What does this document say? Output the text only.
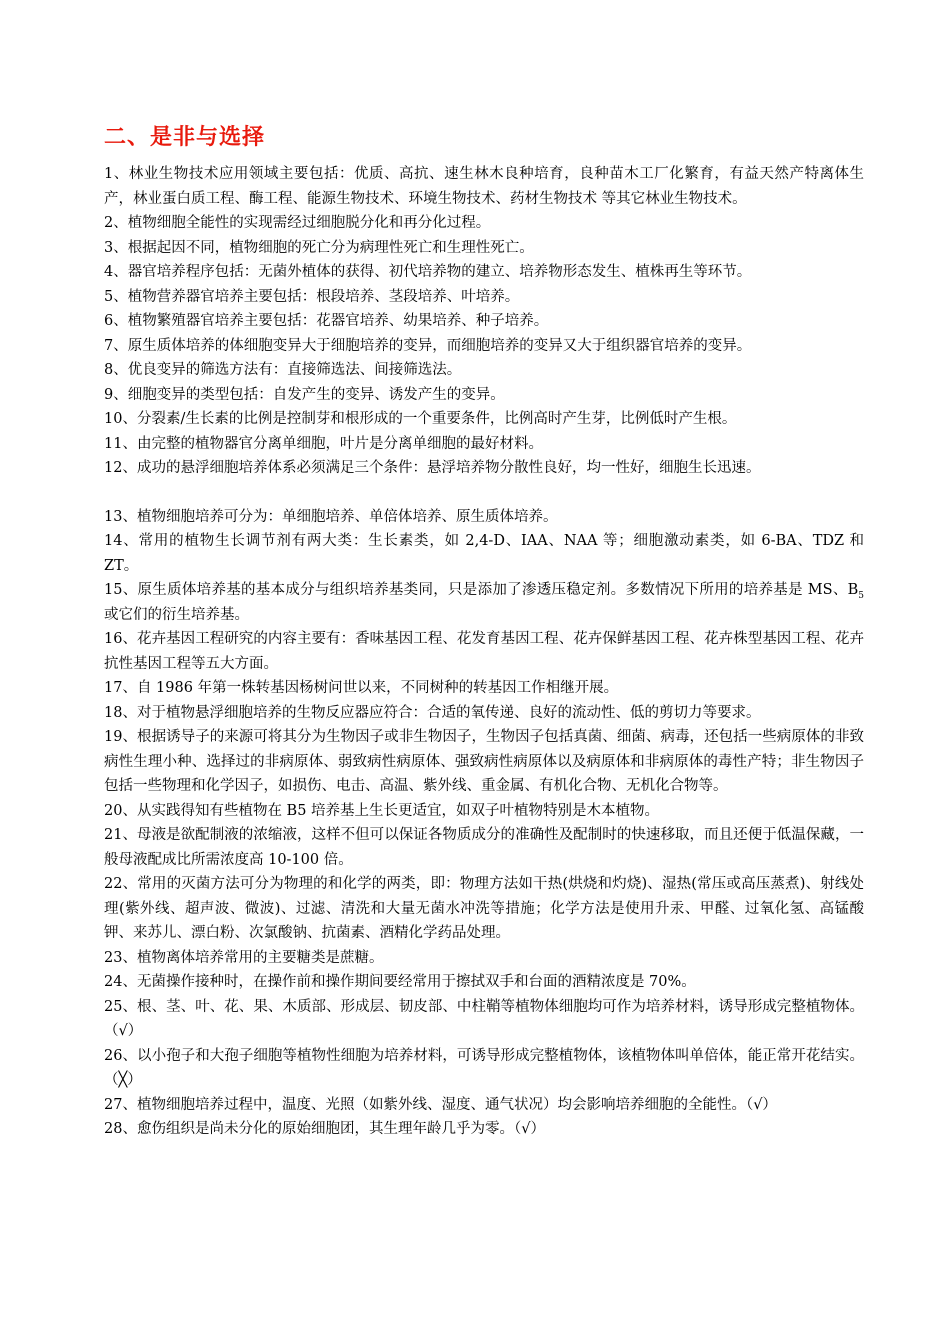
二、是非与选择

1、林业生物技术应用领域主要包括：优质、高抗、速生林木良种培育，良种苗木工厂化繁育，有益天然产特离体生产，林业蛋白质工程、酶工程、能源生物技术、环境生物技术、药材生物技术 等其它林业生物技术。

2、植物细胞全能性的实现需经过细胞脱分化和再分化过程。

3、根据起因不同，植物细胞的死亡分为病理性死亡和生理性死亡。

4、器官培养程序包括：无菌外植体的获得、初代培养物的建立、培养物形态发生、植株再生等环节。

5、植物营养器官培养主要包括：根段培养、茎段培养、叶培养。

6、植物繁殖器官培养主要包括：花器官培养、幼果培养、种子培养。

7、原生质体培养的体细胞变异大于细胞培养的变异，而细胞培养的变异又大于组织器官培养的变异。

8、优良变异的筛选方法有：直接筛选法、间接筛选法。

9、细胞变异的类型包括：自发产生的变异、诱发产生的变异。

10、分裂素/生长素的比例是控制芽和根形成的一个重要条件，比例高时产生芽，比例低时产生根。

11、由完整的植物器官分离单细胞，叶片是分离单细胞的最好材料。

12、成功的悬浮细胞培养体系必须满足三个条件：悬浮培养物分散性良好，均一性好，细胞生长迅速。

13、植物细胞培养可分为：单细胞培养、单倍体培养、原生质体培养。

14、常用的植物生长调节剂有两大类：生长素类，如 2,4-D、IAA、NAA 等；细胞激动素类，如 6-BA、TDZ 和 ZT。

15、原生质体培养基的基本成分与组织培养基类同，只是添加了渗透压稳定剂。多数情况下所用的培养基是 MS、$B_5$或它们的衍生培养基。

16、花卉基因工程研究的内容主要有：香味基因工程、花发育基因工程、花卉保鲜基因工程、花卉株型基因工程、花卉抗性基因工程等五大方面。

17、自 1986 年第一株转基因杨树问世以来，不同树种的转基因工作相继开展。

18、对于植物悬浮细胞培养的生物反应器应符合：合适的氧传递、良好的流动性、低的剪切力等要求。

19、根据诱导子的来源可将其分为生物因子或非生物因子，生物因子包括真菌、细菌、病毒，还包括一些病原体的非致病性生理小种、选择过的非病原体、弱致病性病原体、强致病性病原体以及病原体和非病原体的毒性产特；非生物因子包括一些物理和化学因子，如损伤、电击、高温、紫外线、重金属、有机化合物、无机化合物等。

20、从实践得知有些植物在 B5 培养基上生长更适宜，如双子叶植物特别是木本植物。

21、母液是欲配制液的浓缩液，这样不但可以保证各物质成分的准确性及配制时的快速移取，而且还便于低温保藏，一般母液配成比所需浓度高 10-100 倍。

22、常用的灭菌方法可分为物理的和化学的两类，即：物理方法如干热(烘烧和灼烧)、湿热(常压或高压蒸煮)、射线处理(紫外线、超声波、微波)、过滤、清洗和大量无菌水冲洗等措施；化学方法是使用升汞、甲醛、过氧化氢、高锰酸钾、来苏儿、漂白粉、次氯酸钠、抗菌素、酒精化学药品处理。

23、植物离体培养常用的主要糖类是蔗糖。

24、无菌操作接种时，在操作前和操作期间要经常用于擦拭双手和台面的酒精浓度是 70%。

25、根、茎、叶、花、果、木质部、形成层、韧皮部、中柱鞘等植物体细胞均可作为培养材料，诱导形成完整植物体。（√）

26、以小孢子和大孢子细胞等植物性细胞为培养材料，可诱导形成完整植物体，该植物体叫单倍体，能正常开花结实。（╳）

27、植物细胞培养过程中，温度、光照（如紫外线、湿度、通气状况）均会影响培养细胞的全能性。（√）

28、愈伤组织是尚未分化的原始细胞团，其生理年龄几乎为零。（√）
